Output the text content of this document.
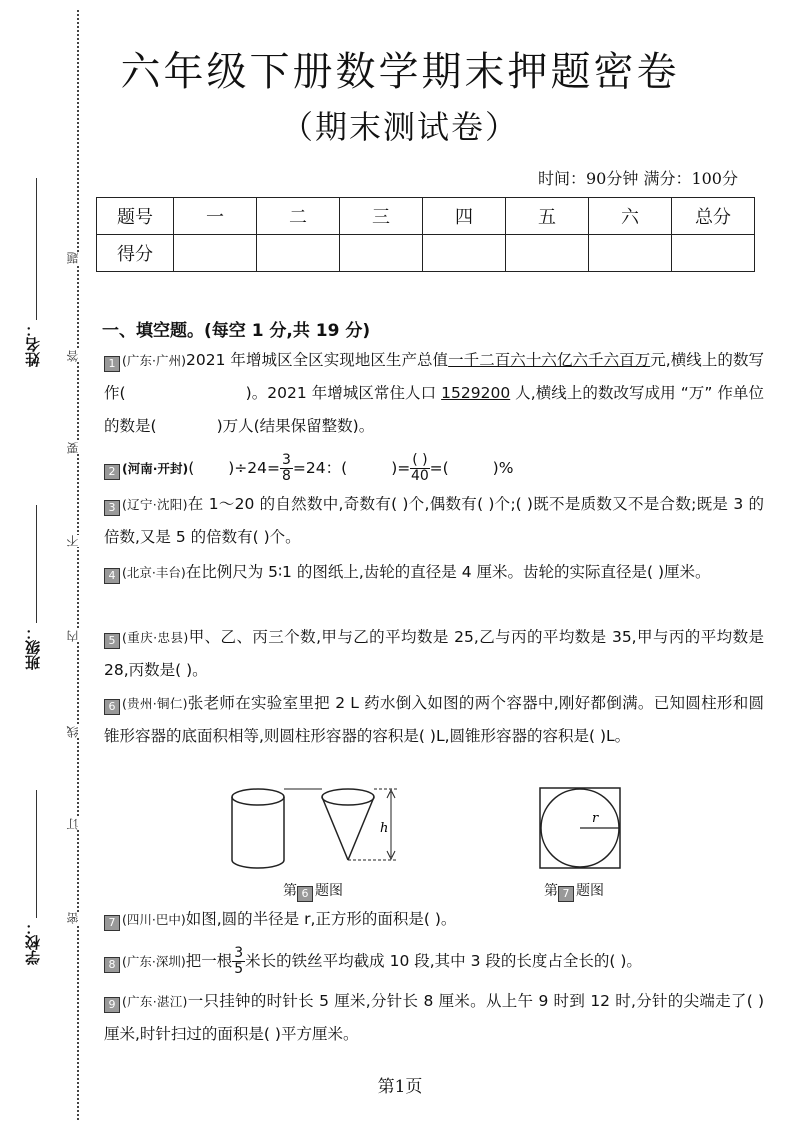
姓名：
班级：
学校：
题
答
要
不
内
线
订
密
六年级下册数学期末押题密卷
（期末测试卷）
时间：90分钟 满分：100分
题号	一	二	三	四	五	六	总分
得分							
一、填空题。(每空 1 分,共 19 分)
1 (广东·广州)2021 年增城区全区实现地区生产总值一千二百六十六亿六千六百万元,横线上的数写作(	)。2021 年增城区常住人口 1529200 人,横线上的数改写成用 “万” 作单位的数是(	)万人(结果保留整数)。
2 (河南·开封)( )$\div 24= \frac{3}{8} =24$：(	)= $\frac{( )}{40}$ =(	)%
3 (辽宁·沈阳)在 1～20 的自然数中,奇数有( )个,偶数有( )个;( )既不是质数又不是合数;既是 3 的倍数,又是 5 的倍数有( )个。
4 (北京·丰台)在比例尺为 5∶1 的图纸上,齿轮的直径是 4 厘米。齿轮的实际直径是( )厘米。
5 (重庆·忠县)甲、乙、丙三个数,甲与乙的平均数是 25,乙与丙的平均数是 35,甲与丙的平均数是 28,丙数是( )。
6 (贵州·铜仁)张老师在实验室里把 2 L 药水倒入如图的两个容器中,刚好都倒满。已知圆柱形和圆锥形容器的底面积相等,则圆柱形容器的容积是( )L,圆锥形容器的容积是( )L。
h
第 6 题图
r
第 7 题图
7 (四川·巴中)如图,圆的半径是 r,正方形的面积是( )。
8 (广东·深圳)把一根 $\frac{3}{5}$ 米长的铁丝平均截成 10 段,其中 3 段的长度占全长的( )。
9 (广东·湛江)一只挂钟的时针长 5 厘米,分针长 8 厘米。从上午 9 时到 12 时,分针的尖端走了( )厘米,时针扫过的面积是( )平方厘米。
第1页
